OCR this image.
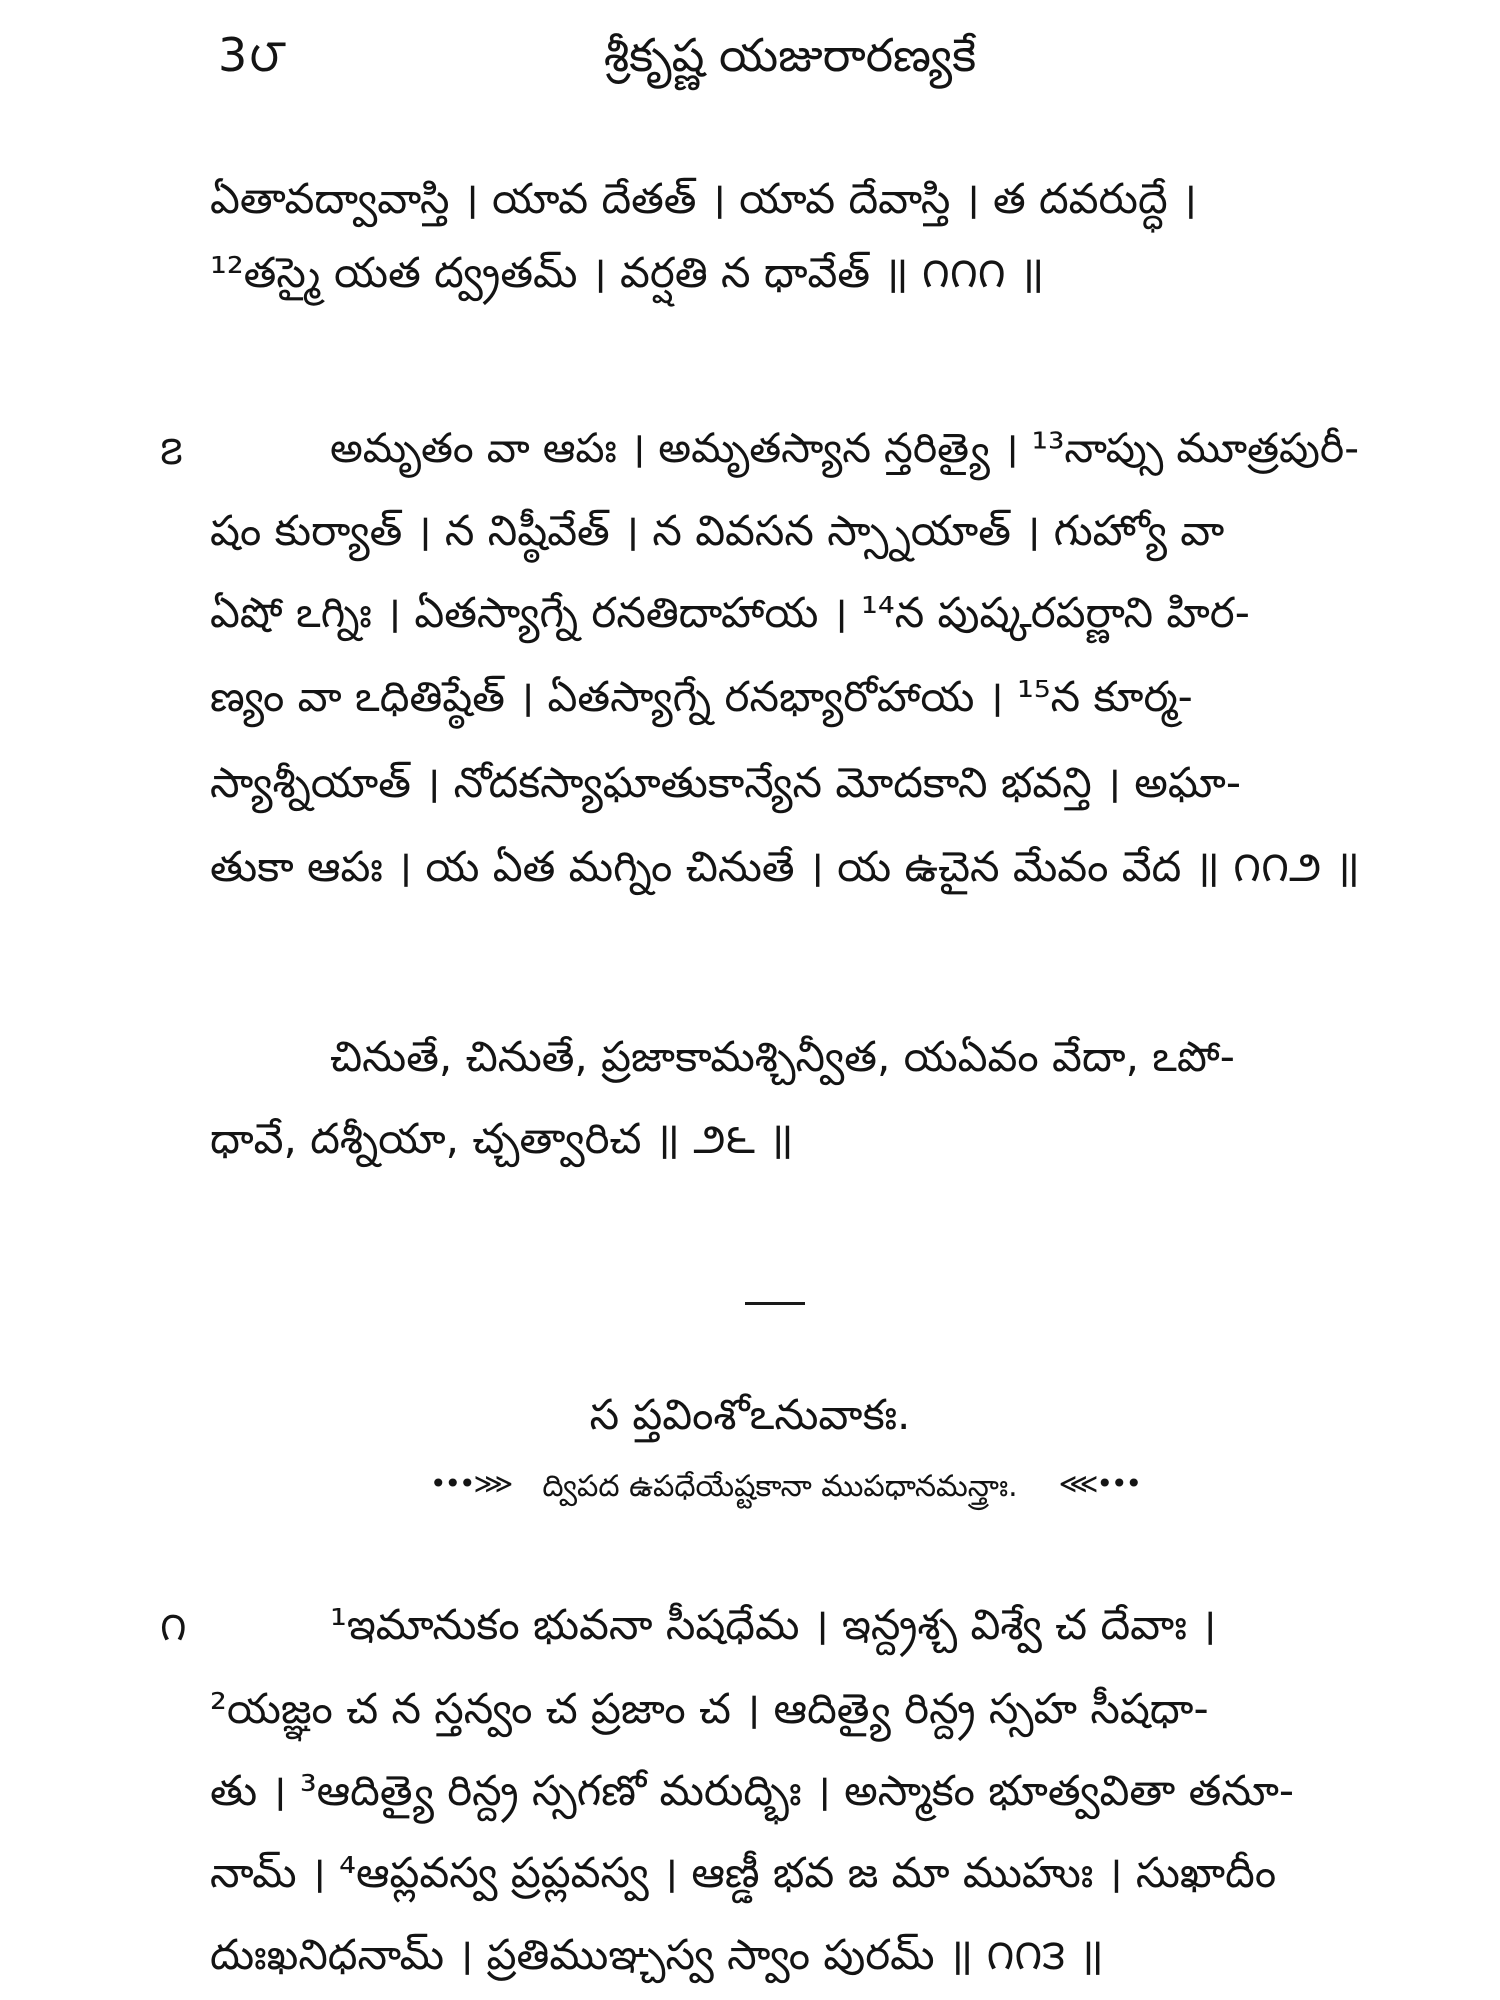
3౮	శ్రీకృష్ణ యజురారణ్యకే
ఏతావద్వావాస్తి । యావ దేతత్ । యావ దేవాస్తి । త దవరుద్ధే ।
¹²తస్మై యత ద్వ్రతమ్ । వర్షతి న ధావేత్ ॥ ౧౧౧ ॥
౭	అమృతం వా ఆపః । అమృతస్యాన న్తరిత్యై । ¹³నాప్సు మూత్రపురీ-
షం కుర్యాత్ । న నిష్ఠీవేత్ । న వివసన స్స్నాయాత్ । గుహ్యో వా
ఏషో ఽగ్నిః । ఏతస్యాగ్నే రనతిదాహాయ । ¹⁴న పుష్కరపర్ణాని హిర-
ణ్యం వా ఽధితిష్ఠేత్ । ఏతస్యాగ్నే రనభ్యారోహాయ । ¹⁵న కూర్మ-
స్యాశ్నీయాత్ । నోదకస్యాఘాతుకాన్యేన మోదకాని భవన్తి । అఘా-
తుకా ఆపః । య ఏత మగ్నిం చినుతే । య ఉచైన మేవం వేద ॥ ౧౧౨ ॥
చినుతే, చినుతే, ప్రజాకామశ్చిన్వీత, యఏవం వేదా, ఽపో-
ధావే, దశ్నీయా, చ్చత్వారిచ ॥ ౨౬ ॥
స ప్తవింశోఽనువాకః.
•••⋙	ద్విపద ఉపధేయేష్టకానా ముపధానమన్త్రాః.	⋘•••
౧	¹ఇమానుకం భువనా సీషధేమ । ఇన్ద్రశ్చ విశ్వే చ దేవాః ।
²యజ్ఞం చ న స్తన్వం చ ప్రజాం చ । ఆదిత్యై రిన్ద్ర స్సహ సీషధా-
తు । ³ఆదిత్యై రిన్ద్ర స్సగణో మరుద్భిః । అస్మాకం భూత్వవితా తనూ-
నామ్ । ⁴ఆప్లవస్వ ప్రప్లవస్వ । ఆణ్డీ భవ జ మా ముహుః । సుఖాదీం
దుఃఖనిధనామ్ । ప్రతిముఞ్చస్వ స్వాం పురమ్ ॥ ౧౧౩ ॥
